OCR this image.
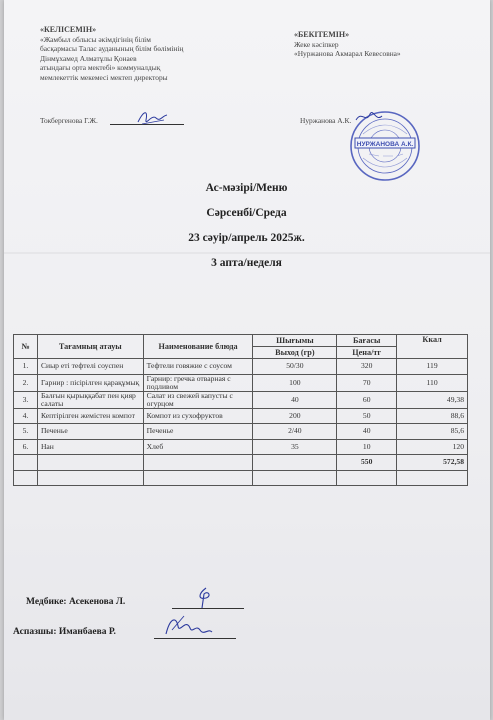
«КЕЛІСЕМІН»
«Жамбыл облысы әкімдігінің білім
басқармасы Талас ауданының білім бөлімінің
Дінмұхамед Алматұлы Қонаев
атындағы орта мектебі» коммуналдық
мемлекеттік мекемесі мектеп директоры
Токбергенова Г.Ж.
«БЕКІТЕМІН»
Жеке кәсіпкер
«Нуржанова Акмарал Кевесовна»
Нуржанова А.К.
НУРЖАНОВА А.К.
Ас-мәзірі/Меню
Сәрсенбі/Среда
23 сәуір/апрель 2025ж.
3 апта/неделя
№	Тағамның атауы	Наименование блюда	Шығымы	Бағасы	Ккал
			Выход (гр)	Цена/тг	
1.	Сиыр еті тефтелі соуспен	Тефтели говяжие с соусом	50/30	320	119
2.	Гарнир : пісірілген қарақұмық	Гарнир: гречка отварная с подливом	100	70	110
3.	Балғын қырыққабат пен қияр салаты	Салат из свежей капусты с огурцом	40	60	49,38
4.	Кептірілген жемістен компот	Компот из сухофруктов	200	50	88,6
5.	Печенье	Печенье	2/40	40	85,6
6.	Нан	Хлеб	35	10	120
				550	572,58

Медбике: Асекенова Л.
Аспазшы: Иманбаева Р.
